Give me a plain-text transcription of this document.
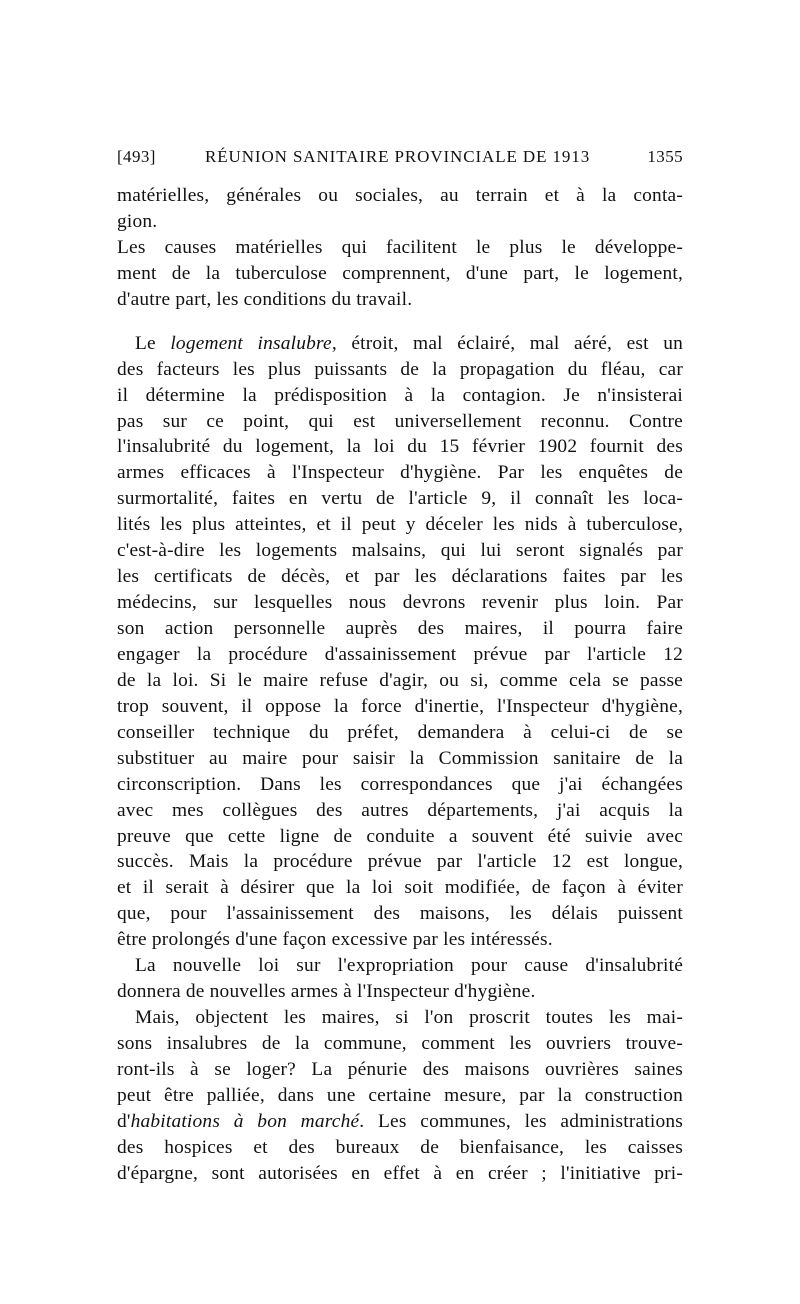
[493]	RÉUNION SANITAIRE PROVINCIALE DE 1913	1355
matérielles, générales ou sociales, au terrain et à la conta-
gion.
Les causes matérielles qui facilitent le plus le développe-
ment de la tuberculose comprennent, d'une part, le logement,
d'autre part, les conditions du travail.
Le logement insalubre, étroit, mal éclairé, mal aéré, est un
des facteurs les plus puissants de la propagation du fléau, car
il détermine la prédisposition à la contagion. Je n'insisterai
pas sur ce point, qui est universellement reconnu. Contre
l'insalubrité du logement, la loi du 15 février 1902 fournit des
armes efficaces à l'Inspecteur d'hygiène. Par les enquêtes de
surmortalité, faites en vertu de l'article 9, il connaît les loca-
lités les plus atteintes, et il peut y déceler les nids à tuberculose,
c'est-à-dire les logements malsains, qui lui seront signalés par
les certificats de décès, et par les déclarations faites par les
médecins, sur lesquelles nous devrons revenir plus loin. Par
son action personnelle auprès des maires, il pourra faire
engager la procédure d'assainissement prévue par l'article 12
de la loi. Si le maire refuse d'agir, ou si, comme cela se passe
trop souvent, il oppose la force d'inertie, l'Inspecteur d'hygiène,
conseiller technique du préfet, demandera à celui-ci de se
substituer au maire pour saisir la Commission sanitaire de la
circonscription. Dans les correspondances que j'ai échangées
avec mes collègues des autres départements, j'ai acquis la
preuve que cette ligne de conduite a souvent été suivie avec
succès. Mais la procédure prévue par l'article 12 est longue,
et il serait à désirer que la loi soit modifiée, de façon à éviter
que, pour l'assainissement des maisons, les délais puissent
être prolongés d'une façon excessive par les intéressés.
La nouvelle loi sur l'expropriation pour cause d'insalubrité
donnera de nouvelles armes à l'Inspecteur d'hygiène.
Mais, objectent les maires, si l'on proscrit toutes les mai-
sons insalubres de la commune, comment les ouvriers trouve-
ront-ils à se loger? La pénurie des maisons ouvrières saines
peut être palliée, dans une certaine mesure, par la construction
d'habitations à bon marché. Les communes, les administrations
des hospices et des bureaux de bienfaisance, les caisses
d'épargne, sont autorisées en effet à en créer ; l'initiative pri-
